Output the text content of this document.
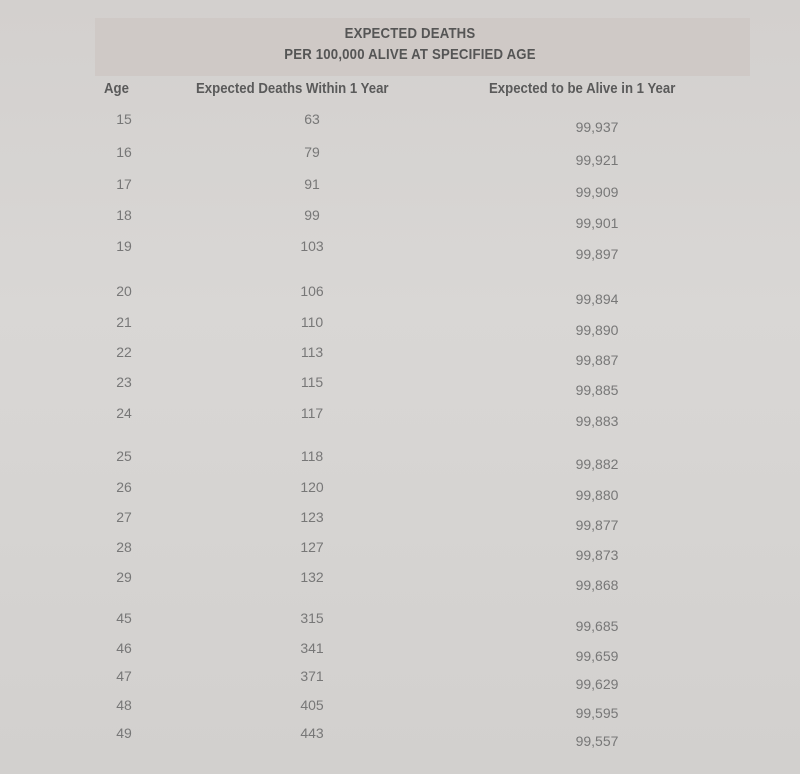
EXPECTED DEATHS
PER 100,000 ALIVE AT SPECIFIED AGE
Age	Expected Deaths Within 1 Year	Expected to be Alive in 1 Year
15	63	99,937
16	79	99,921
17	91	99,909
18	99	99,901
19	103	99,897
20	106	99,894
21	110	99,890
22	113	99,887
23	115	99,885
24	117	99,883
25	118	99,882
26	120	99,880
27	123	99,877
28	127	99,873
29	132	99,868
45	315	99,685
46	341	99,659
47	371	99,629
48	405	99,595
49	443	99,557
